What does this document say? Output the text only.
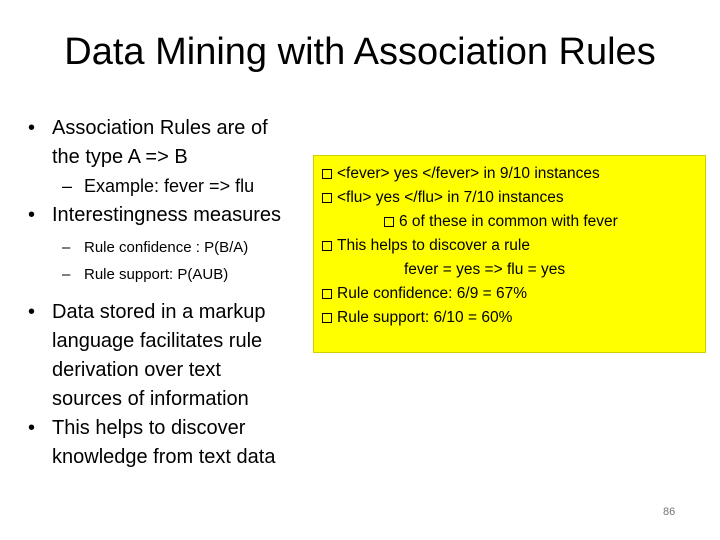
Data Mining with Association Rules
• Association Rules are of
the type A => B
– Example: fever => flu
• Interestingness measures
– Rule confidence : P(B/A)
– Rule support: P(AUB)
• Data stored in a markup
language facilitates rule
derivation over text
sources of information
• This helps to discover
knowledge from text data
<fever> yes </fever> in 9/10 instances
<flu> yes </flu> in 7/10 instances
6 of these in common with fever
This helps to discover a rule
fever = yes => flu = yes
Rule confidence: 6/9 = 67%
Rule support: 6/10 = 60%
86
